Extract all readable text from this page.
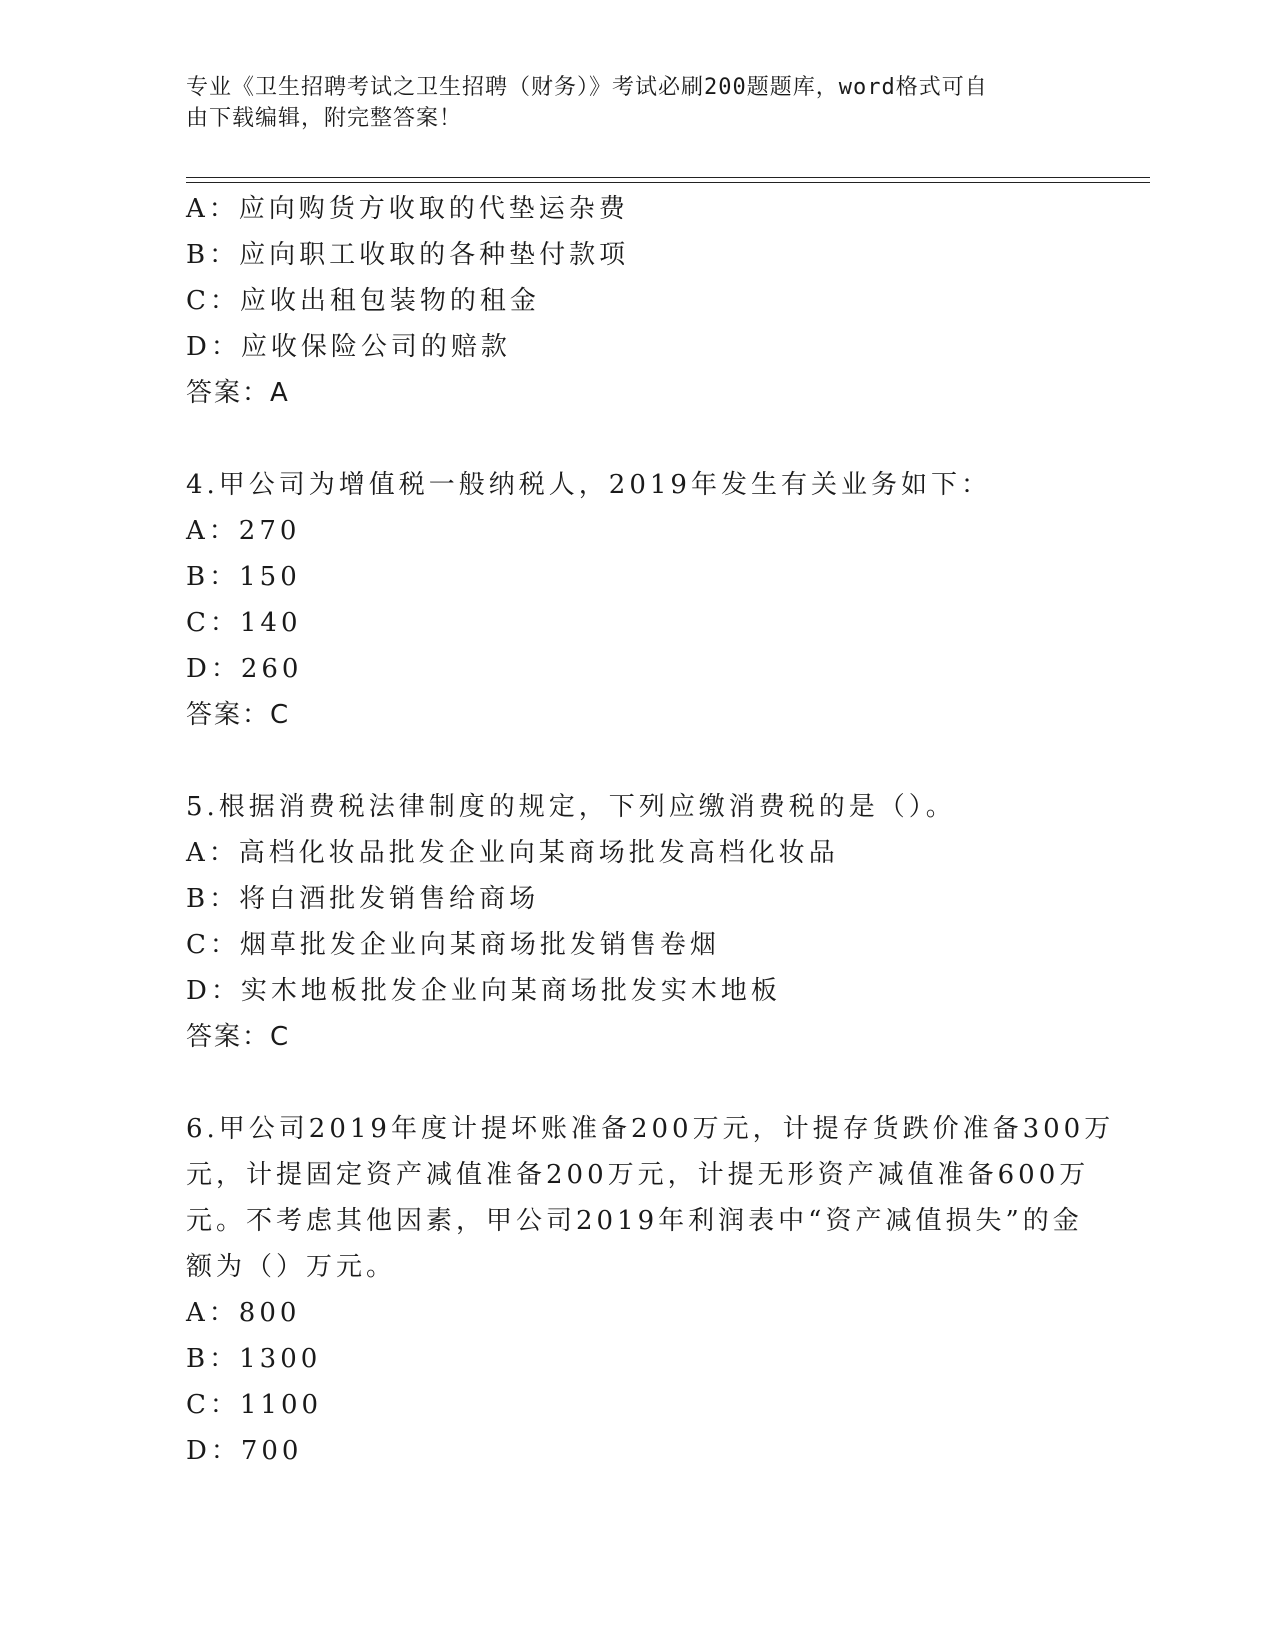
专业《卫生招聘考试之卫生招聘（财务）》考试必刷200题题库，word格式可自
由下载编辑，附完整答案！
A：应向购货方收取的代垫运杂费
B：应向职工收取的各种垫付款项
C：应收出租包装物的租金
D：应收保险公司的赔款
答案：A
4.甲公司为增值税一般纳税人，2019年发生有关业务如下：
A：270
B：150
C：140
D：260
答案：C
5.根据消费税法律制度的规定，下列应缴消费税的是（）。
A：高档化妆品批发企业向某商场批发高档化妆品
B：将白酒批发销售给商场
C：烟草批发企业向某商场批发销售卷烟
D：实木地板批发企业向某商场批发实木地板
答案：C
6.甲公司2019年度计提坏账准备200万元，计提存货跌价准备300万
元，计提固定资产减值准备200万元，计提无形资产减值准备600万
元。不考虑其他因素，甲公司2019年利润表中“资产减值损失”的金
额为（）万元。
A：800
B：1300
C：1100
D：700
